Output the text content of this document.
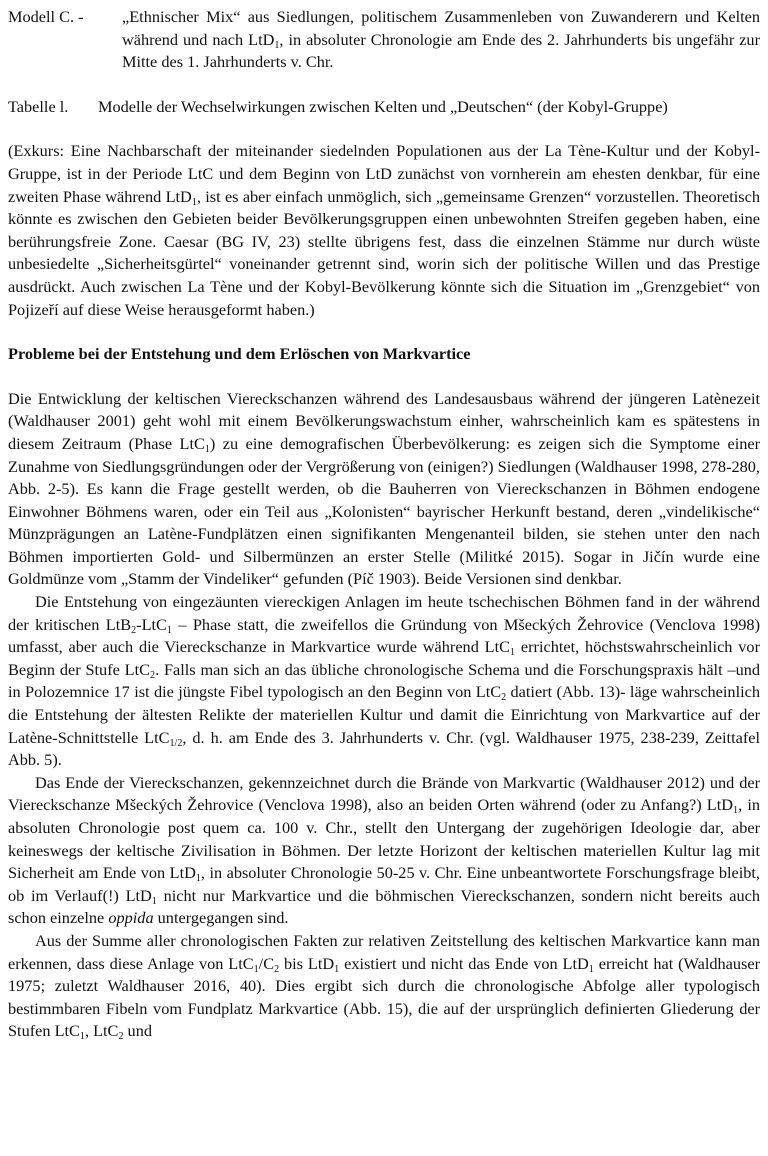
Modell C. -	„Ethnischer Mix“ aus Siedlungen, politischem Zusammenleben von Zuwanderern und Kelten während und nach LtD$_1$, in absoluter Chronologie am Ende des 2. Jahrhunderts bis ungefähr zur Mitte des 1. Jahrhunderts v. Chr.
Tabelle l.	Modelle der Wechselwirkungen zwischen Kelten und „Deutschen“ (der Kobyl-Gruppe)

(Exkurs: Eine Nachbarschaft der miteinander siedelnden Populationen aus der La Tène-Kultur und der Kobyl-Gruppe, ist in der Periode LtC und dem Beginn von LtD zunächst von vornherein am ehesten denkbar, für eine zweiten Phase während LtD$_1$, ist es aber einfach unmöglich, sich „gemeinsame Grenzen“ vorzustellen. Theoretisch könnte es zwischen den Gebieten beider Bevölkerungsgruppen einen unbewohnten Streifen gegeben haben, eine berührungsfreie Zone. Caesar (BG IV, 23) stellte übrigens fest, dass die einzelnen Stämme nur durch wüste unbesiedelte „Sicherheitsgürtel“ voneinander getrennt sind, worin sich der politische Willen und das Prestige ausdrückt. Auch zwischen La Tène und der Kobyl-Bevölkerung könnte sich die Situation im „Grenzgebiet“ von Pojizeří auf diese Weise herausgeformt haben.)

Probleme bei der Entstehung und dem Erlöschen von Markvartice

Die Entwicklung der keltischen Viereckschanzen während des Landesausbaus während der jüngeren Latènezeit (Waldhauser 2001) geht wohl mit einem Bevölkerungswachstum einher, wahrscheinlich kam es spätestens in diesem Zeitraum (Phase LtC$_1$) zu eine demografischen Überbevölkerung: es zeigen sich die Symptome einer Zunahme von Siedlungsgründungen oder der Vergrößerung von (einigen?) Siedlungen (Waldhauser 1998, 278-280, Abb. 2-5). Es kann die Frage gestellt werden, ob die Bauherren von Viereckschanzen in Böhmen endogene Einwohner Böhmens waren, oder ein Teil aus „Kolonisten“ bayrischer Herkunft bestand, deren „vindelikische“ Münzprägungen an Latène-Fundplätzen einen signifikanten Mengenanteil bilden, sie stehen unter den nach Böhmen importierten Gold- und Silbermünzen an erster Stelle (Militké 2015). Sogar in Jičín wurde eine Goldmünze vom „Stamm der Vindeliker“ gefunden (Píč 1903). Beide Versionen sind denkbar.

Die Entstehung von eingezäunten viereckigen Anlagen im heute tschechischen Böhmen fand in der während der kritischen LtB$_2$-LtC$_1$ – Phase statt, die zweifellos die Gründung von Mšeckých Žehrovice (Venclova 1998) umfasst, aber auch die Viereckschanze in Markvartice wurde während LtC$_1$ errichtet, höchstswahrscheinlich vor Beginn der Stufe LtC$_2$. Falls man sich an das übliche chronologische Schema und die Forschungspraxis hält –und in Polozemnice 17 ist die jüngste Fibel typologisch an den Beginn von LtC$_2$ datiert (Abb. 13)- läge wahrscheinlich die Entstehung der ältesten Relikte der materiellen Kultur und damit die Einrichtung von Markvartice auf der Latène-Schnittstelle LtC$_{1/2}$, d. h. am Ende des 3. Jahrhunderts v. Chr. (vgl. Waldhauser 1975, 238-239, Zeittafel Abb. 5).

Das Ende der Viereckschanzen, gekennzeichnet durch die Brände von Markvartic (Waldhauser 2012) und der Viereckschanze Mšeckých Žehrovice (Venclova 1998), also an beiden Orten während (oder zu Anfang?) LtD$_1$, in absoluten Chronologie post quem ca. 100 v. Chr., stellt den Untergang der zugehörigen Ideologie dar, aber keineswegs der keltische Zivilisation in Böhmen. Der letzte Horizont der keltischen materiellen Kultur lag mit Sicherheit am Ende von LtD$_1$, in absoluter Chronologie 50-25 v. Chr. Eine unbeantwortete Forschungsfrage bleibt, ob im Verlauf(!) LtD$_1$ nicht nur Markvartice und die böhmischen Viereckschanzen, sondern nicht bereits auch schon einzelne oppida untergegangen sind.

Aus der Summe aller chronologischen Fakten zur relativen Zeitstellung des keltischen Markvartice kann man erkennen, dass diese Anlage von $LtC_1/C_2$ bis LtD$_1$ existiert und nicht das Ende von LtD$_1$ erreicht hat (Waldhauser 1975; zuletzt Waldhauser 2016, 40). Dies ergibt sich durch die chronologische Abfolge aller typologisch bestimmbaren Fibeln vom Fundplatz Markvartice (Abb. 15), die auf der ursprünglich definierten Gliederung der Stufen LtC$_1$, LtC$_2$ und
